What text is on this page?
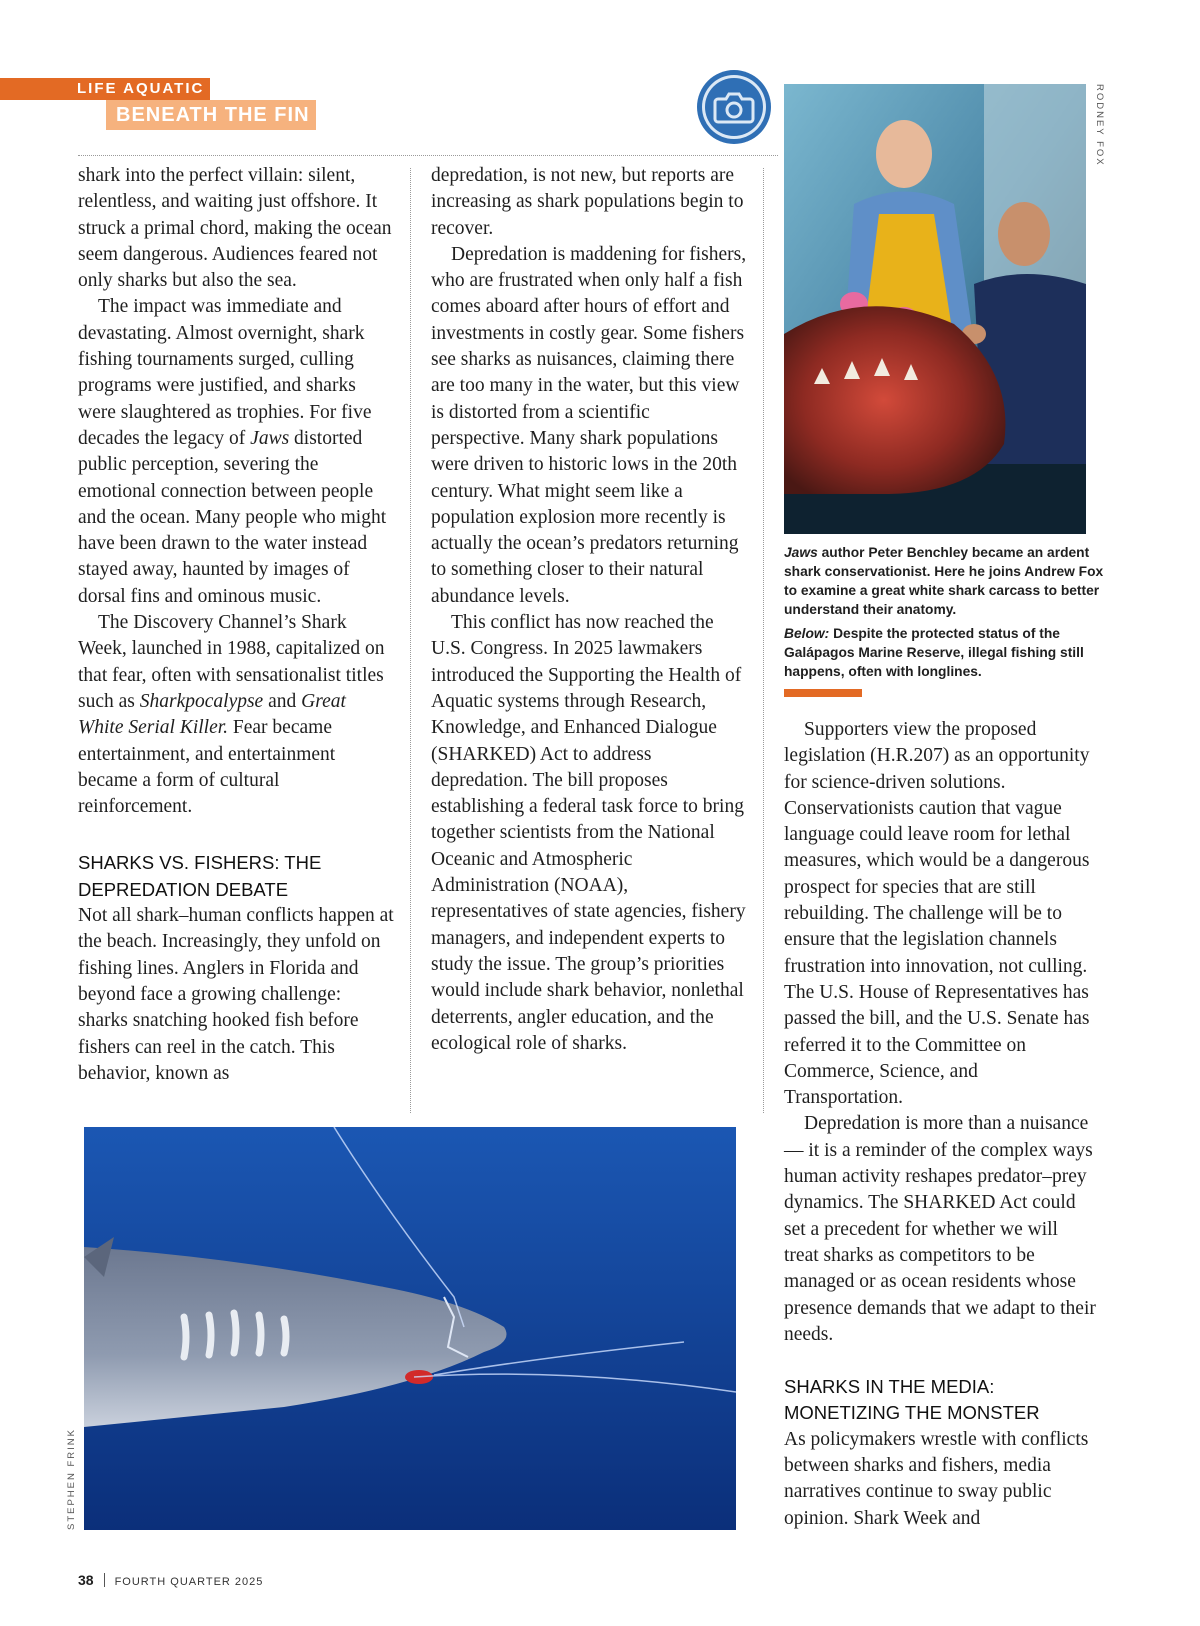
LIFE AQUATIC
BENEATH THE FIN

shark into the perfect villain: silent, relentless, and waiting just offshore. It struck a primal chord, making the ocean seem dangerous. Audiences feared not only sharks but also the sea.

The impact was immediate and devastating. Almost overnight, shark fishing tournaments surged, culling programs were justified, and sharks were slaughtered as trophies. For five decades the legacy of Jaws distorted public perception, severing the emotional connection between people and the ocean. Many people who might have been drawn to the water instead stayed away, haunted by images of dorsal fins and ominous music.

The Discovery Channel’s Shark Week, launched in 1988, capitalized on that fear, often with sensationalist titles such as Sharkpocalypse and Great White Serial Killer. Fear became entertainment, and entertainment became a form of cultural reinforcement.

SHARKS VS. FISHERS: THE DEPREDATION DEBATE

Not all shark–human conflicts happen at the beach. Increasingly, they unfold on fishing lines. Anglers in Florida and beyond face a growing challenge: sharks snatching hooked fish before fishers can reel in the catch. This behavior, known as

depredation, is not new, but reports are increasing as shark populations begin to recover.

Depredation is maddening for fishers, who are frustrated when only half a fish comes aboard after hours of effort and investments in costly gear. Some fishers see sharks as nuisances, claiming there are too many in the water, but this view is distorted from a scientific perspective. Many shark populations were driven to historic lows in the 20th century. What might seem like a population explosion more recently is actually the ocean’s predators returning to something closer to their natural abundance levels.

This conflict has now reached the U.S. Congress. In 2025 lawmakers introduced the Supporting the Health of Aquatic systems through Research, Knowledge, and Enhanced Dialogue (SHARKED) Act to address depredation. The bill proposes establishing a federal task force to bring together scientists from the National Oceanic and Atmospheric Administration (NOAA), representatives of state agencies, fishery managers, and independent experts to study the issue. The group’s priorities would include shark behavior, nonlethal deterrents, angler education, and the ecological role of sharks.

RODNEY FOX

Jaws author Peter Benchley became an ardent shark conservationist. Here he joins Andrew Fox to examine a great white shark carcass to better understand their anatomy.

Below: Despite the protected status of the Galápagos Marine Reserve, illegal fishing still happens, often with longlines.

Supporters view the proposed legislation (H.R.207) as an opportunity for science-driven solutions. Conservationists caution that vague language could leave room for lethal measures, which would be a dangerous prospect for species that are still rebuilding. The challenge will be to ensure that the legislation channels frustration into innovation, not culling. The U.S. House of Representatives has passed the bill, and the U.S. Senate has referred it to the Committee on Commerce, Science, and Transportation.

Depredation is more than a nuisance — it is a reminder of the complex ways human activity reshapes predator–prey dynamics. The SHARKED Act could set a precedent for whether we will treat sharks as competitors to be managed or as ocean residents whose presence demands that we adapt to their needs.

SHARKS IN THE MEDIA: MONETIZING THE MONSTER

As policymakers wrestle with conflicts between sharks and fishers, media narratives continue to sway public opinion. Shark Week and

STEPHEN FRINK
38 FOURTH QUARTER 2025
